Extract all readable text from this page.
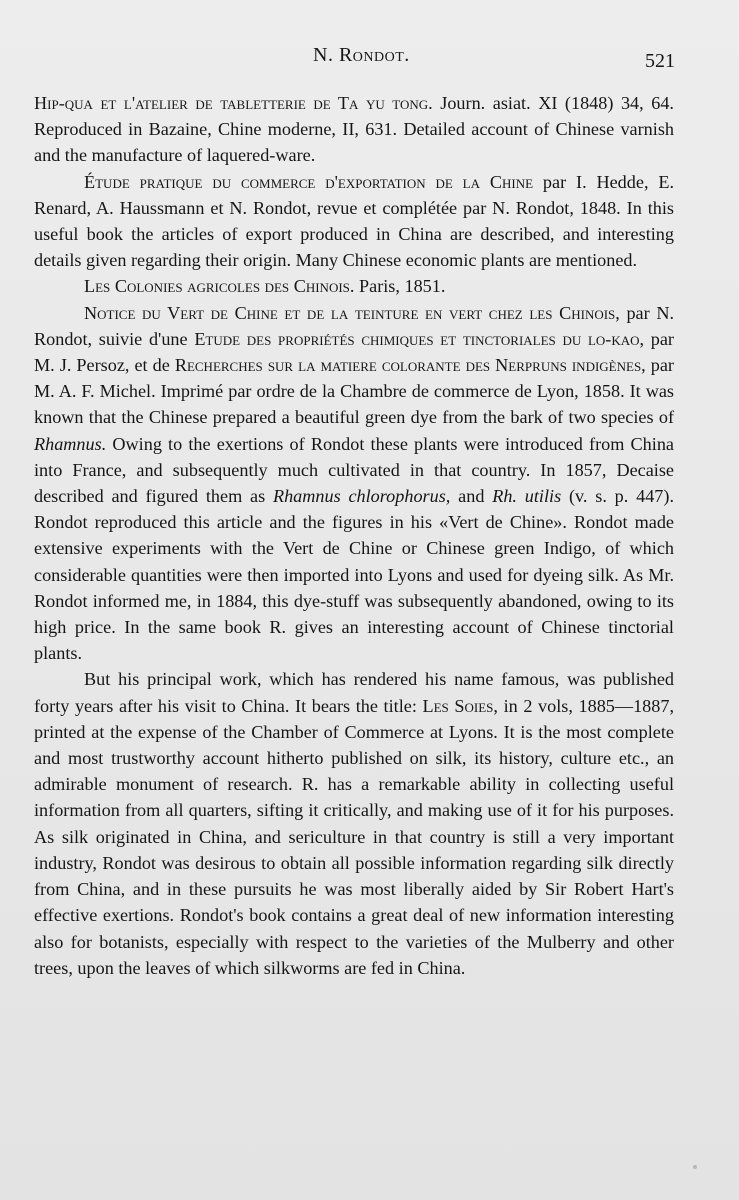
N. Rondot.	521

Hip-qua et l'atelier de tabletterie de Ta yu tong. Journ. asiat. XI (1848) 34, 64. Reproduced in Bazaine, Chine moderne, II, 631. Detailed account of Chinese varnish and the manufacture of laquered-ware.

Étude pratique du commerce d'exportation de la Chine par I. Hedde, E. Renard, A. Haussmann et N. Rondot, revue et complétée par N. Rondot, 1848. In this useful book the articles of export produced in China are described, and interesting details given regarding their origin. Many Chinese economic plants are mentioned.

Les Colonies agricoles des Chinois. Paris, 1851.

Notice du Vert de Chine et de la teinture en vert chez les Chinois, par N. Rondot, suivie d'une Etude des propriétés chimiques et tinctoriales du lo-kao, par M. J. Persoz, et de Recherches sur la matiere colorante des Nerpruns indigènes, par M. A. F. Michel. Imprimé par ordre de la Chambre de commerce de Lyon, 1858. It was known that the Chinese prepared a beautiful green dye from the bark of two species of Rhamnus. Owing to the exertions of Rondot these plants were introduced from China into France, and subsequently much cultivated in that country. In 1857, Decaise described and figured them as Rhamnus chlorophorus, and Rh. utilis (v. s. p. 447). Rondot reproduced this article and the figures in his «Vert de Chine». Rondot made extensive experiments with the Vert de Chine or Chinese green Indigo, of which considerable quantities were then imported into Lyons and used for dyeing silk. As Mr. Rondot informed me, in 1884, this dye-stuff was subsequently abandoned, owing to its high price. In the same book R. gives an interesting account of Chinese tinctorial plants.

But his principal work, which has rendered his name famous, was published forty years after his visit to China. It bears the title: Les Soies, in 2 vols, 1885—1887, printed at the expense of the Chamber of Commerce at Lyons. It is the most complete and most trustworthy account hitherto published on silk, its history, culture etc., an admirable monument of research. R. has a remarkable ability in collecting useful information from all quarters, sifting it critically, and making use of it for his purposes. As silk originated in China, and sericulture in that country is still a very important industry, Rondot was desirous to obtain all possible information regarding silk directly from China, and in these pursuits he was most liberally aided by Sir Robert Hart's effective exertions. Rondot's book contains a great deal of new information interesting also for botanists, especially with respect to the varieties of the Mulberry and other trees, upon the leaves of which silkworms are fed in China.
